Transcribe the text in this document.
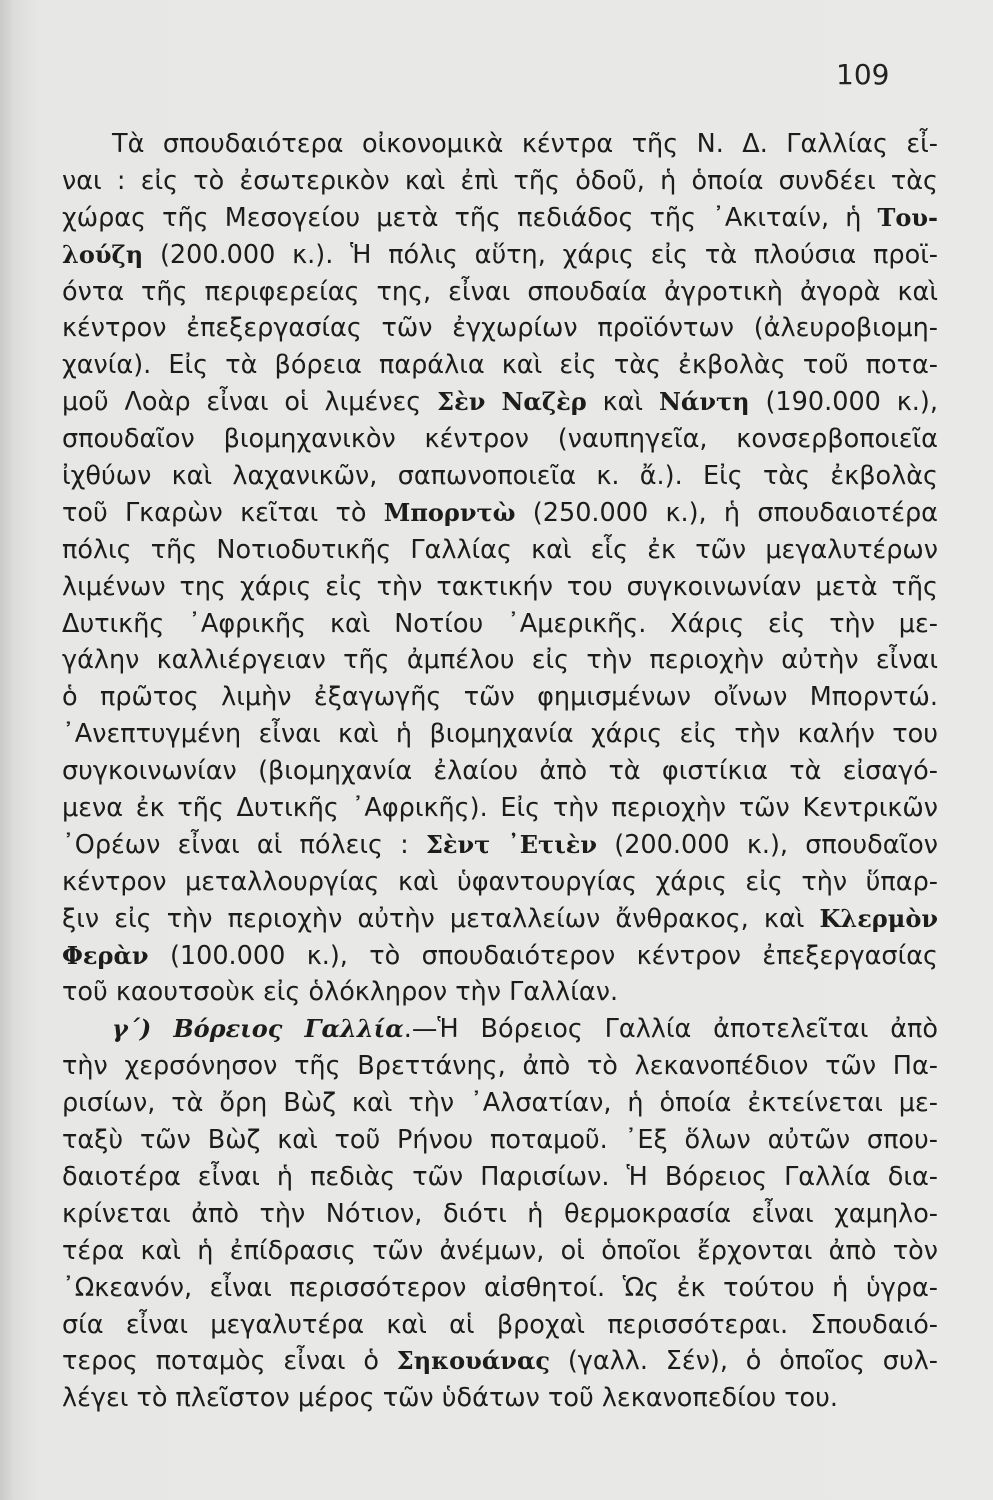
109
Τὰ σπουδαιότερα οἰκονομικὰ κέντρα τῆς Ν. Δ. Γαλλίας εἶ-
ναι : εἰς τὸ ἐσωτερικὸν καὶ ἐπὶ τῆς ὁδοῦ, ἡ ὁποία συνδέει τὰς
χώρας τῆς Μεσογείου μετὰ τῆς πεδιάδος τῆς ᾿Ακιταίν, ἡ Του-
λούζη (200.000 κ.). Ἡ πόλις αὕτη, χάρις εἰς τὰ πλούσια προϊ-
όντα τῆς περιφερείας της, εἶναι σπουδαία ἀγροτικὴ ἀγορὰ καὶ
κέντρον ἐπεξεργασίας τῶν ἐγχωρίων προϊόντων (ἀλευροβιομη-
χανία). Εἰς τὰ βόρεια παράλια καὶ εἰς τὰς ἐκβολὰς τοῦ ποτα-
μοῦ Λοὰρ εἶναι οἱ λιμένες Σὲν Ναζὲρ καὶ Νάντη (190.000 κ.),
σπουδαῖον βιομηχανικὸν κέντρον (ναυπηγεῖα, κονσερβοποιεῖα
ἰχθύων καὶ λαχανικῶν, σαπωνοποιεῖα κ. ἄ.). Εἰς τὰς ἐκβολὰς
τοῦ Γκαρὼν κεῖται τὸ Μπορντὼ (250.000 κ.), ἡ σπουδαιοτέρα
πόλις τῆς Νοτιοδυτικῆς Γαλλίας καὶ εἷς ἐκ τῶν μεγαλυτέρων
λιμένων της χάρις εἰς τὴν τακτικήν του συγκοινωνίαν μετὰ τῆς
Δυτικῆς ᾿Αφρικῆς καὶ Νοτίου ᾿Αμερικῆς. Χάρις εἰς τὴν με-
γάλην καλλιέργειαν τῆς ἀμπέλου εἰς τὴν περιοχὴν αὐτὴν εἶναι
ὁ πρῶτος λιμὴν ἐξαγωγῆς τῶν φημισμένων οἴνων Μπορντώ.
᾿Ανεπτυγμένη εἶναι καὶ ἡ βιομηχανία χάρις εἰς τὴν καλήν του
συγκοινωνίαν (βιομηχανία ἐλαίου ἀπὸ τὰ φιστίκια τὰ εἰσαγό-
μενα ἐκ τῆς Δυτικῆς ᾿Αφρικῆς). Εἰς τὴν περιοχὴν τῶν Κεντρικῶν
᾿Ορέων εἶναι αἱ πόλεις : Σὲντ ᾿Ετιὲν (200.000 κ.), σπουδαῖον
κέντρον μεταλλουργίας καὶ ὑφαντουργίας χάρις εἰς τὴν ὕπαρ-
ξιν εἰς τὴν περιοχὴν αὐτὴν μεταλλείων ἄνθρακος, καὶ Κλερμὸν
Φερὰν (100.000 κ.), τὸ σπουδαιότερον κέντρον ἐπεξεργασίας
τοῦ καουτσοὺκ εἰς ὁλόκληρον τὴν Γαλλίαν.
γ΄) Βόρειος Γαλλία.—Ἡ Βόρειος Γαλλία ἀποτελεῖται ἀπὸ
τὴν χερσόνησον τῆς Βρεττάνης, ἀπὸ τὸ λεκανοπέδιον τῶν Πα-
ρισίων, τὰ ὄρη Βὼζ καὶ τὴν ᾿Αλσατίαν, ἡ ὁποία ἐκτείνεται με-
ταξὺ τῶν Βὼζ καὶ τοῦ Ρήνου ποταμοῦ. ᾿Εξ ὅλων αὐτῶν σπου-
δαιοτέρα εἶναι ἡ πεδιὰς τῶν Παρισίων. Ἡ Βόρειος Γαλλία δια-
κρίνεται ἀπὸ τὴν Νότιον, διότι ἡ θερμοκρασία εἶναι χαμηλο-
τέρα καὶ ἡ ἐπίδρασις τῶν ἀνέμων, οἱ ὁποῖοι ἔρχονται ἀπὸ τὸν
᾿Ωκεανόν, εἶναι περισσότερον αἰσθητοί. Ὡς ἐκ τούτου ἡ ὑγρα-
σία εἶναι μεγαλυτέρα καὶ αἱ βροχαὶ περισσότεραι. Σπουδαιό-
τερος ποταμὸς εἶναι ὁ Σηκουάνας (γαλλ. Σέν), ὁ ὁποῖος συλ-
λέγει τὸ πλεῖστον μέρος τῶν ὑδάτων τοῦ λεκανοπεδίου του.
